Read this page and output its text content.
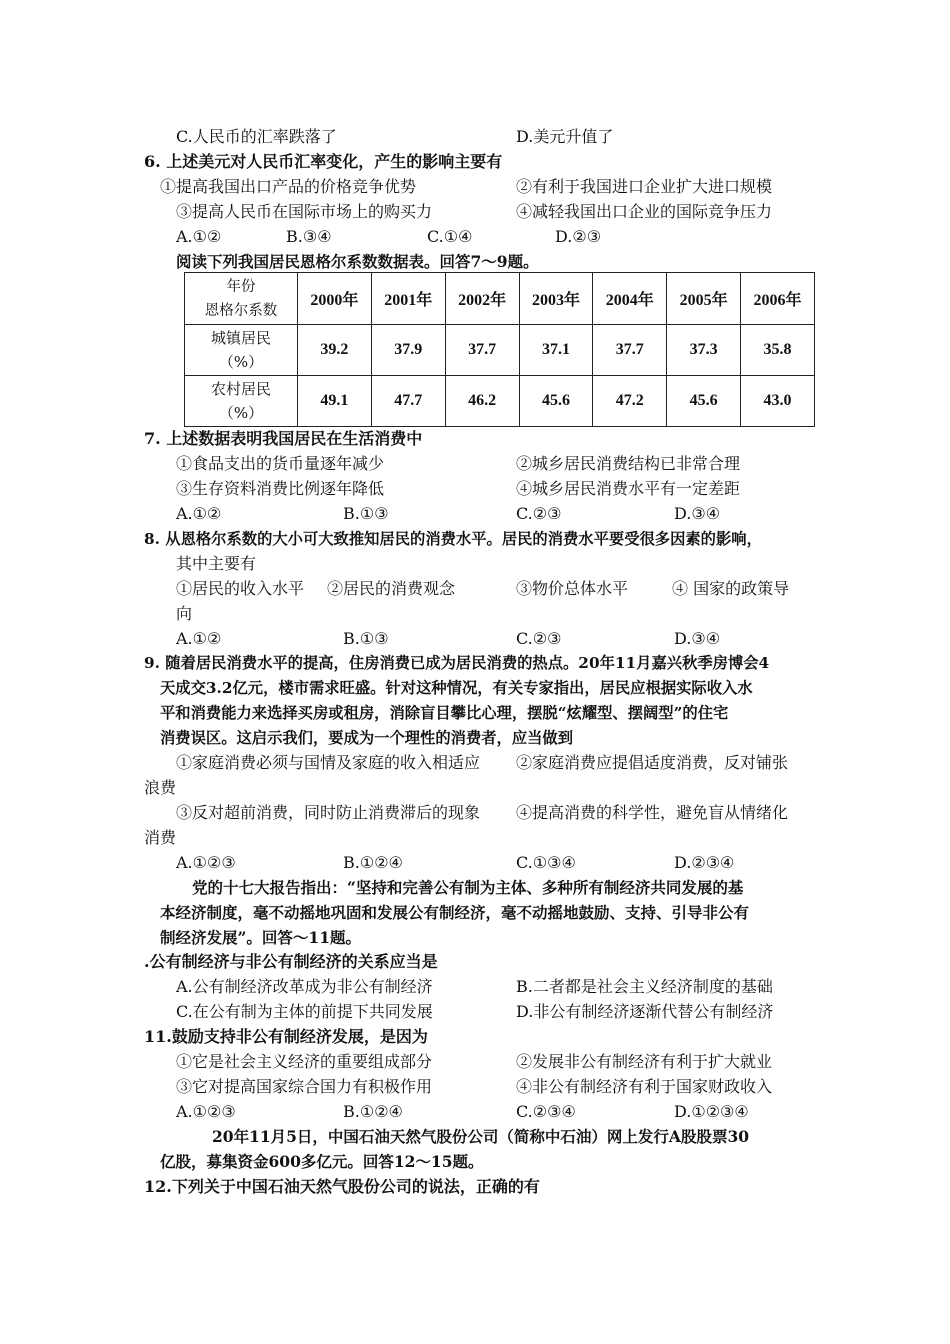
C.人民币的汇率跌落了	D.美元升值了
6. 上述美元对人民币汇率变化，产生的影响主要有
①提高我国出口产品的价格竞争优势	②有利于我国进口企业扩大进口规模
③提高人民币在国际市场上的购买力	④减轻我国出口企业的国际竞争压力
A.①②	B.③④	C.①④	D.②③
阅读下列我国居民恩格尔系数数据表。回答7～9题。
年份
恩格尔系数	2000年	2001年	2002年	2003年	2004年	2005年	2006年

城镇居民
（%）	39.2	37.9	37.7	37.1	37.7	37.3	35.8

农村居民
（%）	49.1	47.7	46.2	45.6	47.2	45.6	43.0
7. 上述数据表明我国居民在生活消费中
①食品支出的货币量逐年减少	②城乡居民消费结构已非常合理
③生存资料消费比例逐年降低	④城乡居民消费水平有一定差距
A.①②	B.①③	C.②③	D.③④
8. 从恩格尔系数的大小可大致推知居民的消费水平。居民的消费水平要受很多因素的影响，
其中主要有
①居民的收入水平 ②居民的消费观念	③物价总体水平	④ 国家的政策导
向
A.①②	B.①③	C.②③	D.③④
9. 随着居民消费水平的提高，住房消费已成为居民消费的热点。20年11月嘉兴秋季房博会4
天成交3.2亿元，楼市需求旺盛。针对这种情况，有关专家指出，居民应根据实际收入水
平和消费能力来选择买房或租房，消除盲目攀比心理，摆脱“炫耀型、摆阔型”的住宅
消费误区。这启示我们，要成为一个理性的消费者，应当做到
①家庭消费必须与国情及家庭的收入相适应 ②家庭消费应提倡适度消费，反对铺张
浪费
③反对超前消费，同时防止消费滞后的现象 ④提高消费的科学性，避免盲从情绪化
消费
A.①②③	B.①②④	C.①③④	D.②③④
党的十七大报告指出：“坚持和完善公有制为主体、多种所有制经济共同发展的基
本经济制度，毫不动摇地巩固和发展公有制经济，毫不动摇地鼓励、支持、引导非公有
制经济发展”。回答～11题。
.公有制经济与非公有制经济的关系应当是
A.公有制经济改革成为非公有制经济	B.二者都是社会主义经济制度的基础
C.在公有制为主体的前提下共同发展	D.非公有制经济逐渐代替公有制经济
11.鼓励支持非公有制经济发展，是因为
①它是社会主义经济的重要组成部分	②发展非公有制经济有利于扩大就业
③它对提高国家综合国力有积极作用	④非公有制经济有利于国家财政收入
A.①②③	B.①②④	C.②③④	D.①②③④
20年11月5日，中国石油天然气股份公司（简称中石油）网上发行A股股票30
亿股，募集资金600多亿元。回答12～15题。
12.下列关于中国石油天然气股份公司的说法，正确的有
